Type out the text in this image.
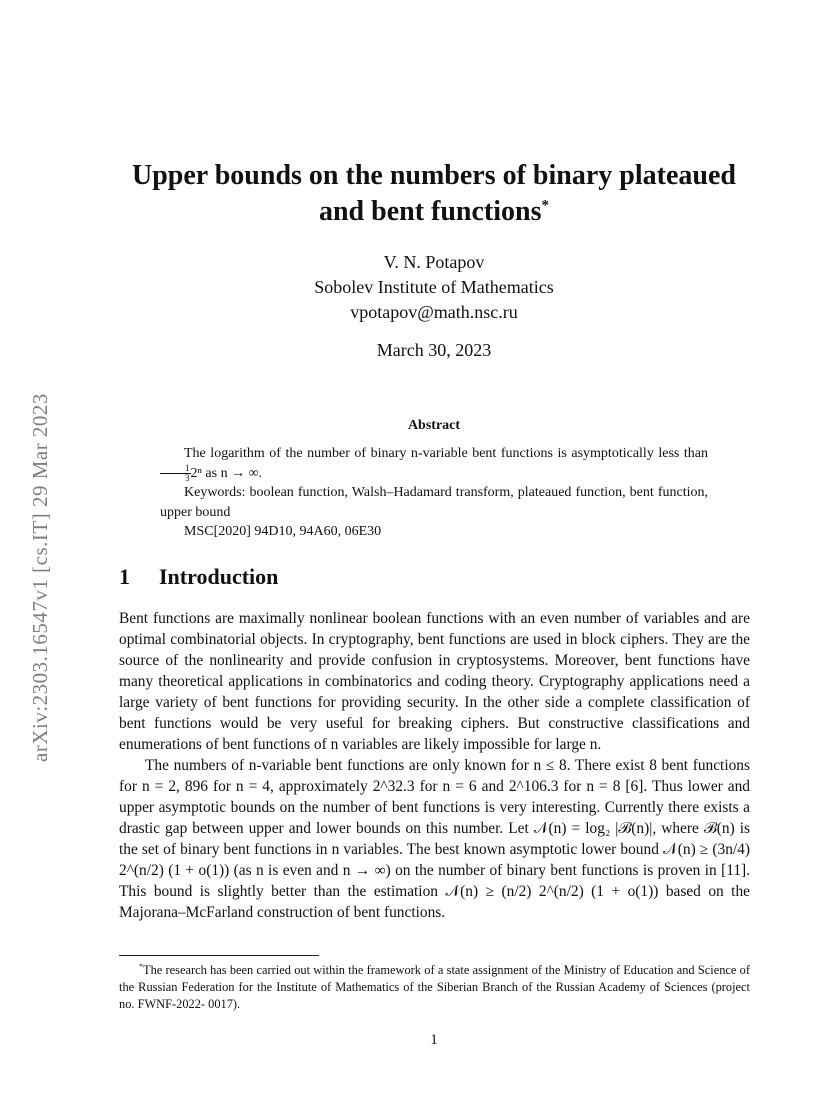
arXiv:2303.16547v1 [cs.IT] 29 Mar 2023
Upper bounds on the numbers of binary plateaued and bent functions*
V. N. Potapov
Sobolev Institute of Mathematics
vpotapov@math.nsc.ru
March 30, 2023
Abstract

The logarithm of the number of binary n-variable bent functions is asymptotically less than
$\frac{1}{3} 2^n$ as n → ∞.

Keywords: boolean function, Walsh–Hadamard transform, plateaued function, bent function, upper bound

MSC[2020] 94D10, 94A60, 06E30

1 Introduction

Bent functions are maximally nonlinear boolean functions with an even number of variables and are optimal combinatorial objects. In cryptography, bent functions are used in block ciphers. They are the source of the nonlinearity and provide confusion in cryptosystems. Moreover, bent functions have many theoretical applications in combinatorics and coding theory. Cryptography applications need a large variety of bent functions for providing security. In the other side a complete classification of bent functions would be very useful for breaking ciphers. But constructive classifications and enumerations of bent functions of n variables are likely impossible for large n.

The numbers of n-variable bent functions are only known for n ≤ 8. There exist 8 bent functions for n = 2, 896 for n = 4, approximately 2^32.3 for n = 6 and 2^106.3 for n = 8 [6]. Thus lower and upper asymptotic bounds on the number of bent functions is very interesting. Currently there exists a drastic gap between upper and lower bounds on this number. Let 𝒩(n) = log₂ |ℬ(n)|, where ℬ(n) is the set of binary bent functions in n variables. The best known asymptotic lower bound 𝒩(n) ≥ (3n/4) 2^(n/2) (1 + o(1)) (as n is even and n → ∞) on the number of binary bent functions is proven in [11]. This bound is slightly better than the estimation 𝒩(n) ≥ (n/2) 2^(n/2) (1 + o(1)) based on the Majorana–McFarland construction of bent functions.

*The research has been carried out within the framework of a state assignment of the Ministry of Education and Science of the Russian Federation for the Institute of Mathematics of the Siberian Branch of the Russian Academy of Sciences (project no. FWNF-2022- 0017).
1
